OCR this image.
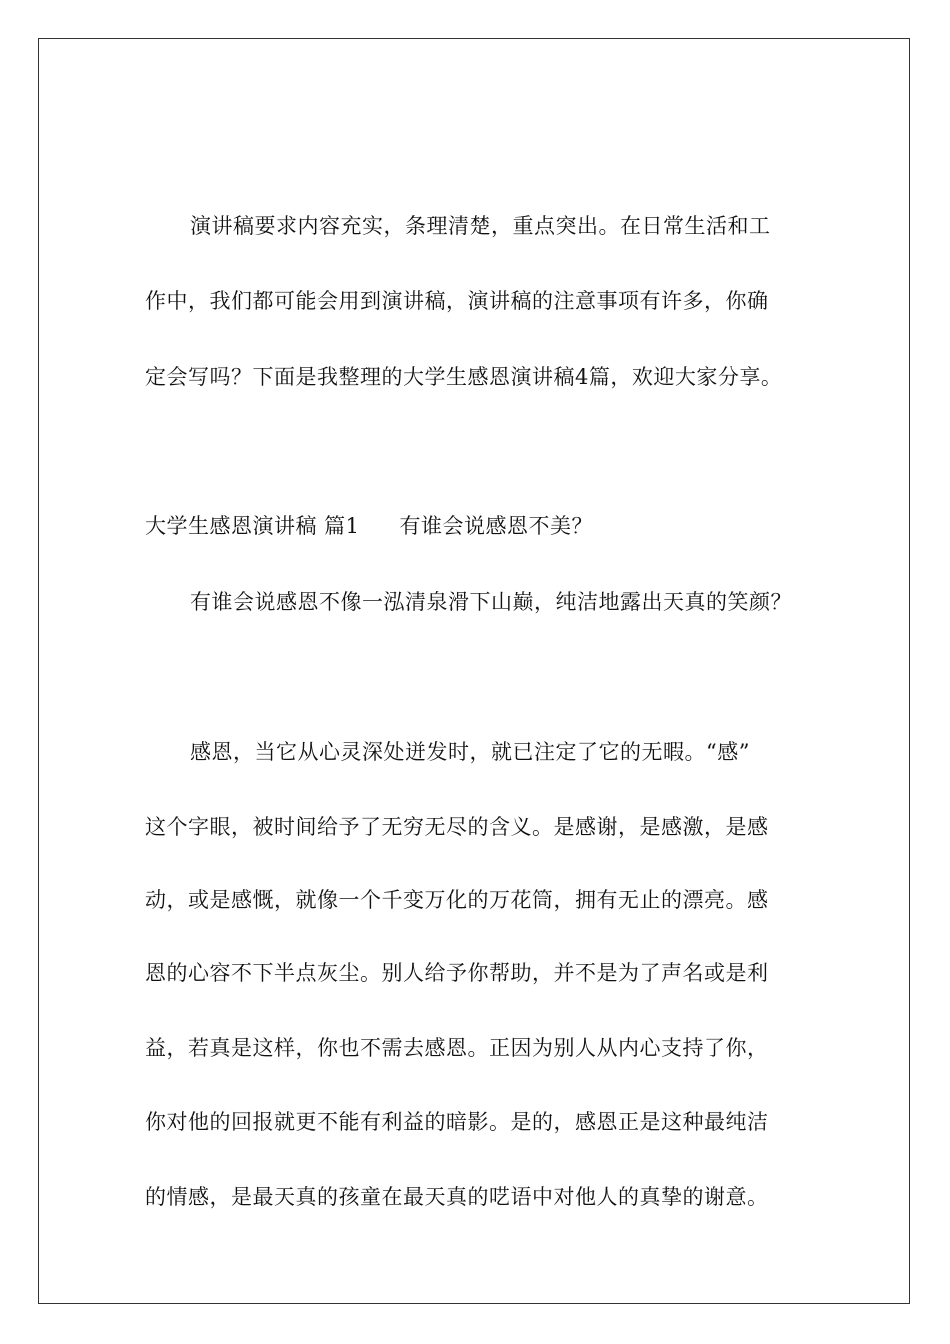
演讲稿要求内容充实，条理清楚，重点突出。在日常生活和工
作中，我们都可能会用到演讲稿，演讲稿的注意事项有许多，你确
定会写吗？下面是我整理的大学生感恩演讲稿4篇，欢迎大家分享。
大学生感恩演讲稿 篇1 有谁会说感恩不美？
有谁会说感恩不像一泓清泉滑下山巅，纯洁地露出天真的笑颜？
感恩，当它从心灵深处迸发时，就已注定了它的无暇。“感”
这个字眼，被时间给予了无穷无尽的含义。是感谢，是感激，是感
动，或是感慨，就像一个千变万化的万花筒，拥有无止的漂亮。感
恩的心容不下半点灰尘。别人给予你帮助，并不是为了声名或是利
益，若真是这样，你也不需去感恩。正因为别人从内心支持了你，
你对他的回报就更不能有利益的暗影。是的，感恩正是这种最纯洁
的情感，是最天真的孩童在最天真的呓语中对他人的真挚的谢意。
